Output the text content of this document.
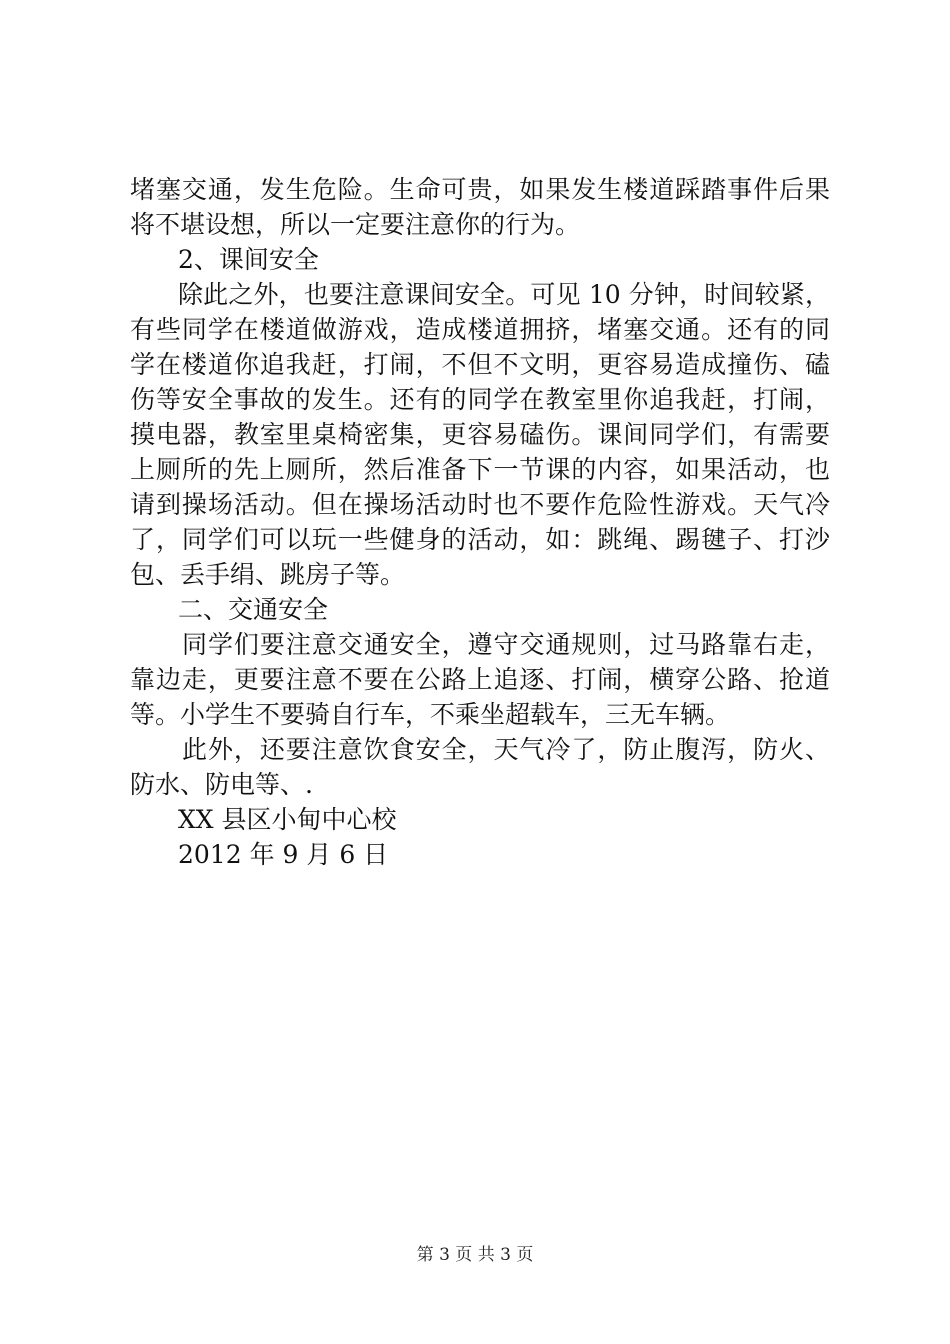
堵塞交通，发生危险。生命可贵，如果发生楼道踩踏事件后果
将不堪设想，所以一定要注意你的行为。
2、课间安全
除此之外，也要注意课间安全。可见 10 分钟，时间较紧，
有些同学在楼道做游戏，造成楼道拥挤，堵塞交通。还有的同
学在楼道你追我赶，打闹，不但不文明，更容易造成撞伤、磕
伤等安全事故的发生。还有的同学在教室里你追我赶，打闹，
摸电器，教室里桌椅密集，更容易磕伤。课间同学们，有需要
上厕所的先上厕所，然后准备下一节课的内容，如果活动，也
请到操场活动。但在操场活动时也不要作危险性游戏。天气冷
了，同学们可以玩一些健身的活动，如：跳绳、踢毽子、打沙
包、丢手绢、跳房子等。
二、交通安全
同学们要注意交通安全，遵守交通规则，过马路靠右走，
靠边走，更要注意不要在公路上追逐、打闹，横穿公路、抢道
等。小学生不要骑自行车，不乘坐超载车，三无车辆。
此外，还要注意饮食安全，天气冷了，防止腹泻，防火、
防水、防电等、.
XX 县区小甸中心校
2012 年 9 月 6 日
第 3 页 共 3 页
